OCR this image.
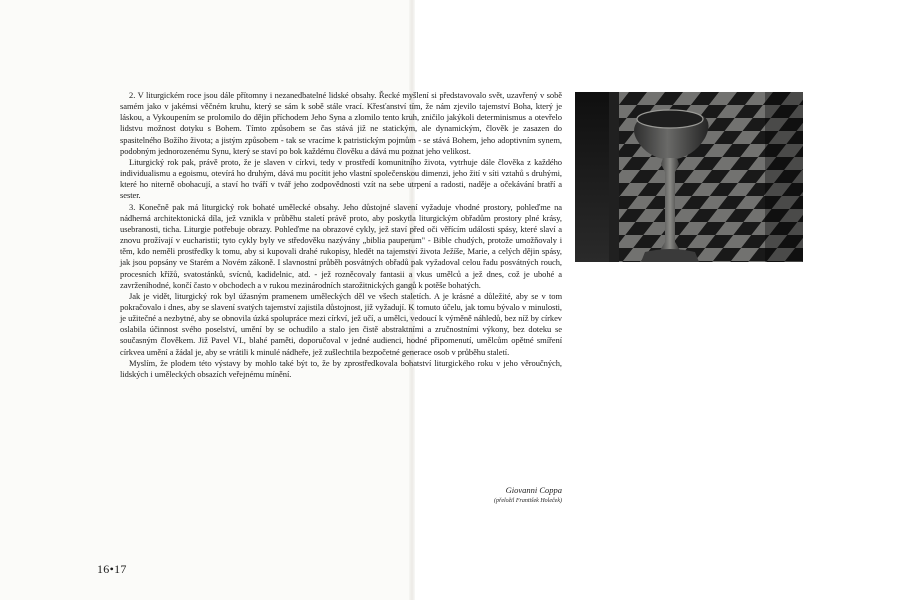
2. V liturgickém roce jsou dále přítomny i nezanedbatelné lidské obsahy. Řecké myšlení si představovalo svět, uzavřený v sobě samém jako v jakémsi věčném kruhu, který se sám k sobě stále vrací. Křesťanství tím, že nám zjevilo tajemství Boha, který je láskou, a Vykoupením se prolomilo do dějin příchodem Jeho Syna a zlomilo tento kruh, zničilo jakýkoli determinismus a otevřelo lidstvu možnost dotyku s Bohem. Tímto způsobem se čas stává již ne statickým, ale dynamickým, člověk je zasazen do spasitelného Božího života; a jistým způsobem - tak se vracíme k patristickým pojmům - se stává Bohem, jeho adoptivním synem, podobným jednorozenému Synu, který se staví po bok každému člověku a dává mu poznat jeho velikost.

Liturgický rok pak, právě proto, že je slaven v církvi, tedy v prostředí komunitního života, vytrhuje dále člověka z každého individualismu a egoismu, otevírá ho druhým, dává mu pocítit jeho vlastní společenskou dimenzi, jeho žití v síti vztahů s druhými, které ho niterně obohacují, a staví ho tváří v tvář jeho zodpovědnosti vzít na sebe utrpení a radosti, naděje a očekávání bratří a sester.

3. Konečně pak má liturgický rok bohaté umělecké obsahy. Jeho důstojné slavení vyžaduje vhodné prostory, pohleďme na nádherná architektonická díla, jež vznikla v průběhu staletí právě proto, aby poskytla liturgickým obřadům prostory plné krásy, usebranosti, ticha. Liturgie potřebuje obrazy. Pohleďme na obrazové cykly, jež staví před oči věřícím události spásy, které slaví a znovu prožívají v eucharistii; tyto cykly byly ve středověku nazývány „biblia pauperum" - Bible chudých, protože umožňovaly i těm, kdo neměli prostředky k tomu, aby si kupovali drahé rukopisy, hledět na tajemství života Ježíše, Marie, a celých dějin spásy, jak jsou popsány ve Starém a Novém zákoně. I slavnostní průběh posvátných obřadů pak vyžadoval celou řadu posvátných rouch, procesních křížů, svatostánků, svícnů, kadidelnic, atd. - jež rozněcovaly fantasii a vkus umělců a jež dnes, což je ubohé a zavrženíhodné, končí často v obchodech a v rukou mezinárodních starožitnických gangů k potěše bohatých.

Jak je vidět, liturgický rok byl úžasným pramenem uměleckých děl ve všech staletích. A je krásné a důležité, aby se v tom pokračovalo i dnes, aby se slavení svatých tajemství zajistila důstojnost, již vyžadují. K tomuto účelu, jak tomu bývalo v minulosti, je užitečné a nezbytné, aby se obnovila úzká spolupráce mezi církví, jež učí, a umělci, vedoucí k výměně náhledů, bez níž by církev oslabila účinnost svého poselství, umění by se ochudilo a stalo jen čistě abstraktními a zručnostními výkony, bez doteku se současným člověkem. Již Pavel VI., blahé paměti, doporučoval v jedné audienci, hodné připomenutí, umělcům opětné smíření církvea umění a žádal je, aby se vrátili k minulé nádheře, jež zušlechtila bezpočetné generace osob v průběhu staletí.

Myslím, že plodem této výstavy by mohlo také být to, že by zprostředkovala bohatství liturgického roku v jeho věroučných, lidských i uměleckých obsazích veřejnému mínění.

Giovanni Coppa
(přeložil František Holeček)
16•17
